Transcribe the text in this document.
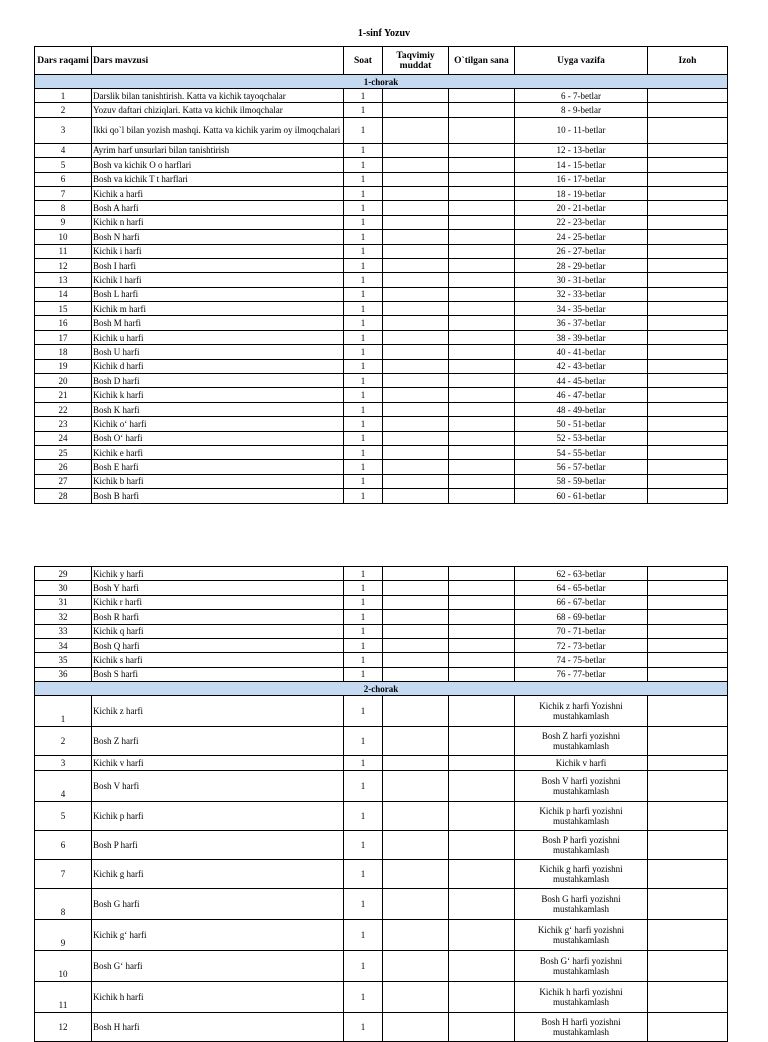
1-sinf Yozuv
Dars raqami	Dars mavzusi	Soat	Taqvimiy muddat	O`tilgan sana	Uyga vazifa	Izoh
1-chorak						
1	Darslik bilan tanishtirish. Katta va kichik tayoqchalar	1			6 - 7-betlar	
2	Yozuv daftari chiziqlari. Katta va kichik ilmoqchalar	1			8 - 9-betlar	
3	Ikki qo`l bilan yozish mashqi. Katta va kichik yarim oy ilmoqchalari	1			10 - 11-betlar	
4	Ayrim harf unsurlari bilan tanishtirish	1			12 - 13-betlar	
5	Bosh va kichik O o harflari	1			14 - 15-betlar	
6	Bosh va kichik T t harflari	1			16 - 17-betlar	
7	Kichik a harfi	1			18 - 19-betlar	
8	Bosh A harfi	1			20 - 21-betlar	
9	Kichik n harfi	1			22 - 23-betlar	
10	Bosh N harfi	1			24 - 25-betlar	
11	Kichik i harfi	1			26 - 27-betlar	
12	Bosh I harfi	1			28 - 29-betlar	
13	Kichik l harfi	1			30 - 31-betlar	
14	Bosh L harfi	1			32 - 33-betlar	
15	Kichik m harfi	1			34 - 35-betlar	
16	Bosh M harfi	1			36 - 37-betlar	
17	Kichik u harfi	1			38 - 39-betlar	
18	Bosh U harfi	1			40 - 41-betlar	
19	Kichik d harfi	1			42 - 43-betlar	
20	Bosh D harfi	1			44 - 45-betlar	
21	Kichik k harfi	1			46 - 47-betlar	
22	Bosh K harfi	1			48 - 49-betlar	
23	Kichik o‘ harfi	1			50 - 51-betlar	
24	Bosh O‘ harfi	1			52 - 53-betlar	
25	Kichik e harfi	1			54 - 55-betlar	
26	Bosh E harfi	1			56 - 57-betlar	
27	Kichik b harfi	1			58 - 59-betlar	
28	Bosh B harfi	1			60 - 61-betlar	
29	Kichik y harfi	1			62 - 63-betlar	
30	Bosh Y harfi	1			64 - 65-betlar	
31	Kichik r harfi	1			66 - 67-betlar	
32	Bosh R harfi	1			68 - 69-betlar	
33	Kichik q harfi	1			70 - 71-betlar	
34	Bosh Q harfi	1			72 - 73-betlar	
35	Kichik s harfi	1			74 - 75-betlar	
36	Bosh S harfi	1			76 - 77-betlar	
2-chorak						
1	Kichik z harfi	1			Kichik z harfi Yozishni mustahkamlash	
2	Bosh Z harfi	1			Bosh Z harfi yozishni mustahkamlash	
3	Kichik v harfi	1			Kichik v harfi	
4	Bosh V harfi	1			Bosh V harfi yozishni mustahkamlash	
5	Kichik p harfi	1			Kichik p harfi yozishni mustahkamlash	
6	Bosh P harfi	1			Bosh P harfi yozishni mustahkamlash	
7	Kichik g harfi	1			Kichik g harfi yozishni mustahkamlash	
8	Bosh G harfi	1			Bosh G harfi yozishni mustahkamlash	
9	Kichik g‘ harfi	1			Kichik g‘ harfi yozishni mustahkamlash	
10	Bosh G‘ harfi	1			Bosh G‘ harfi yozishni mustahkamlash	
11	Kichik h harfi	1			Kichik h harfi yozishni mustahkamlash	
12	Bosh H harfi	1			Bosh H harfi yozishni mustahkamlash	
